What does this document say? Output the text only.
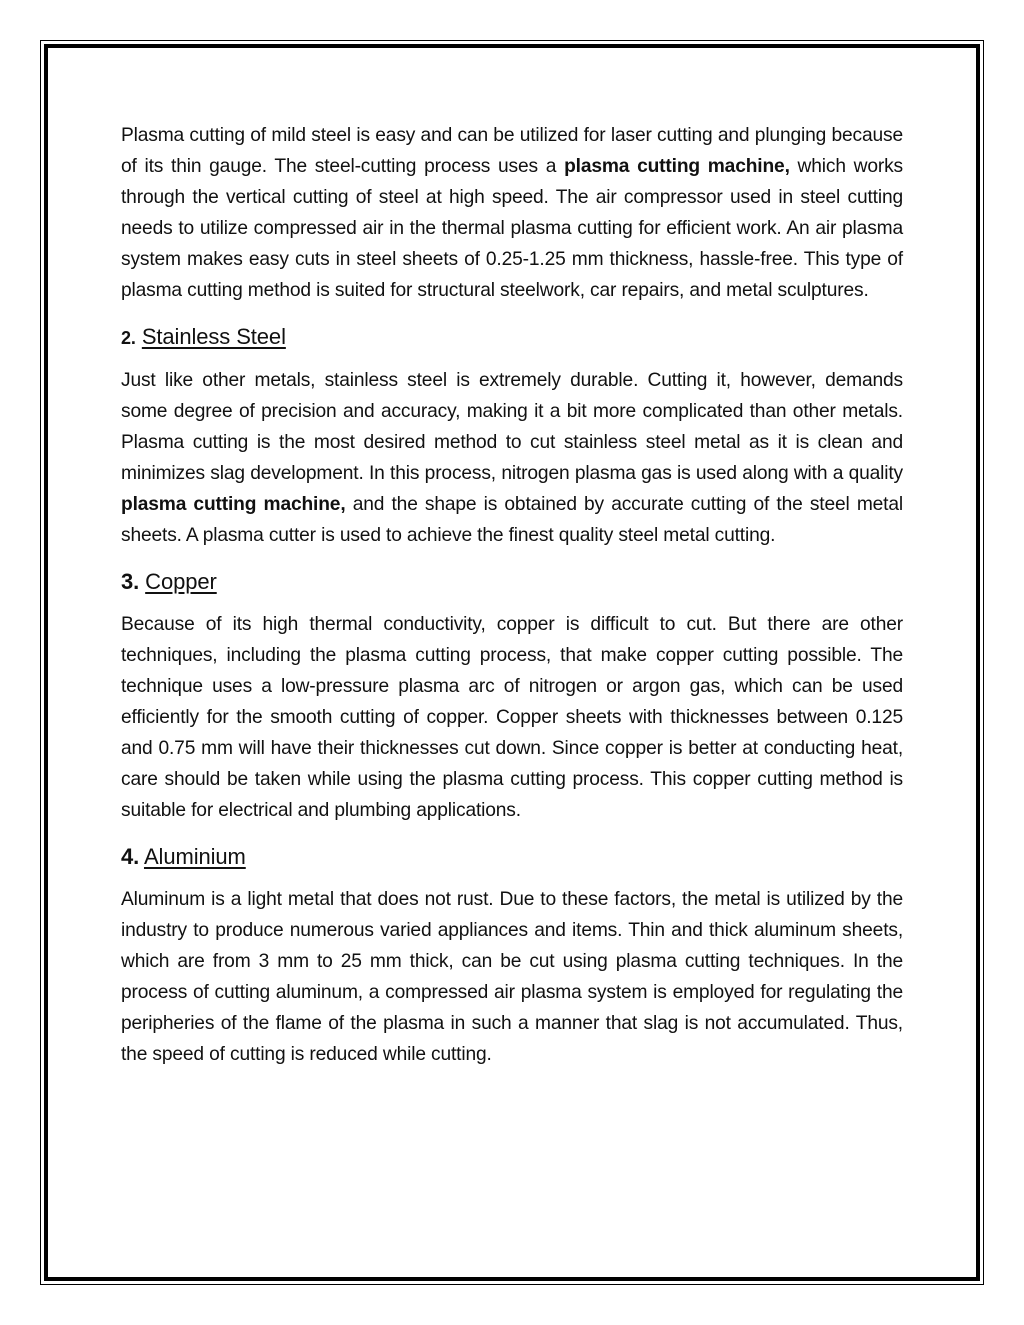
Plasma cutting of mild steel is easy and can be utilized for laser cutting and plunging because of its thin gauge. The steel-cutting process uses a plasma cutting machine, which works through the vertical cutting of steel at high speed. The air compressor used in steel cutting needs to utilize compressed air in the thermal plasma cutting for efficient work. An air plasma system makes easy cuts in steel sheets of 0.25-1.25 mm thickness, hassle-free. This type of plasma cutting method is suited for structural steelwork, car repairs, and metal sculptures.

2. Stainless Steel

Just like other metals, stainless steel is extremely durable. Cutting it, however, demands some degree of precision and accuracy, making it a bit more complicated than other metals. Plasma cutting is the most desired method to cut stainless steel metal as it is clean and minimizes slag development. In this process, nitrogen plasma gas is used along with a quality plasma cutting machine, and the shape is obtained by accurate cutting of the steel metal sheets. A plasma cutter is used to achieve the finest quality steel metal cutting.

3. Copper

Because of its high thermal conductivity, copper is difficult to cut. But there are other techniques, including the plasma cutting process, that make copper cutting possible. The technique uses a low-pressure plasma arc of nitrogen or argon gas, which can be used efficiently for the smooth cutting of copper. Copper sheets with thicknesses between 0.125 and 0.75 mm will have their thicknesses cut down. Since copper is better at conducting heat, care should be taken while using the plasma cutting process. This copper cutting method is suitable for electrical and plumbing applications.

4. Aluminium

Aluminum is a light metal that does not rust. Due to these factors, the metal is utilized by the industry to produce numerous varied appliances and items. Thin and thick aluminum sheets, which are from 3 mm to 25 mm thick, can be cut using plasma cutting techniques. In the process of cutting aluminum, a compressed air plasma system is employed for regulating the peripheries of the flame of the plasma in such a manner that slag is not accumulated. Thus, the speed of cutting is reduced while cutting.
